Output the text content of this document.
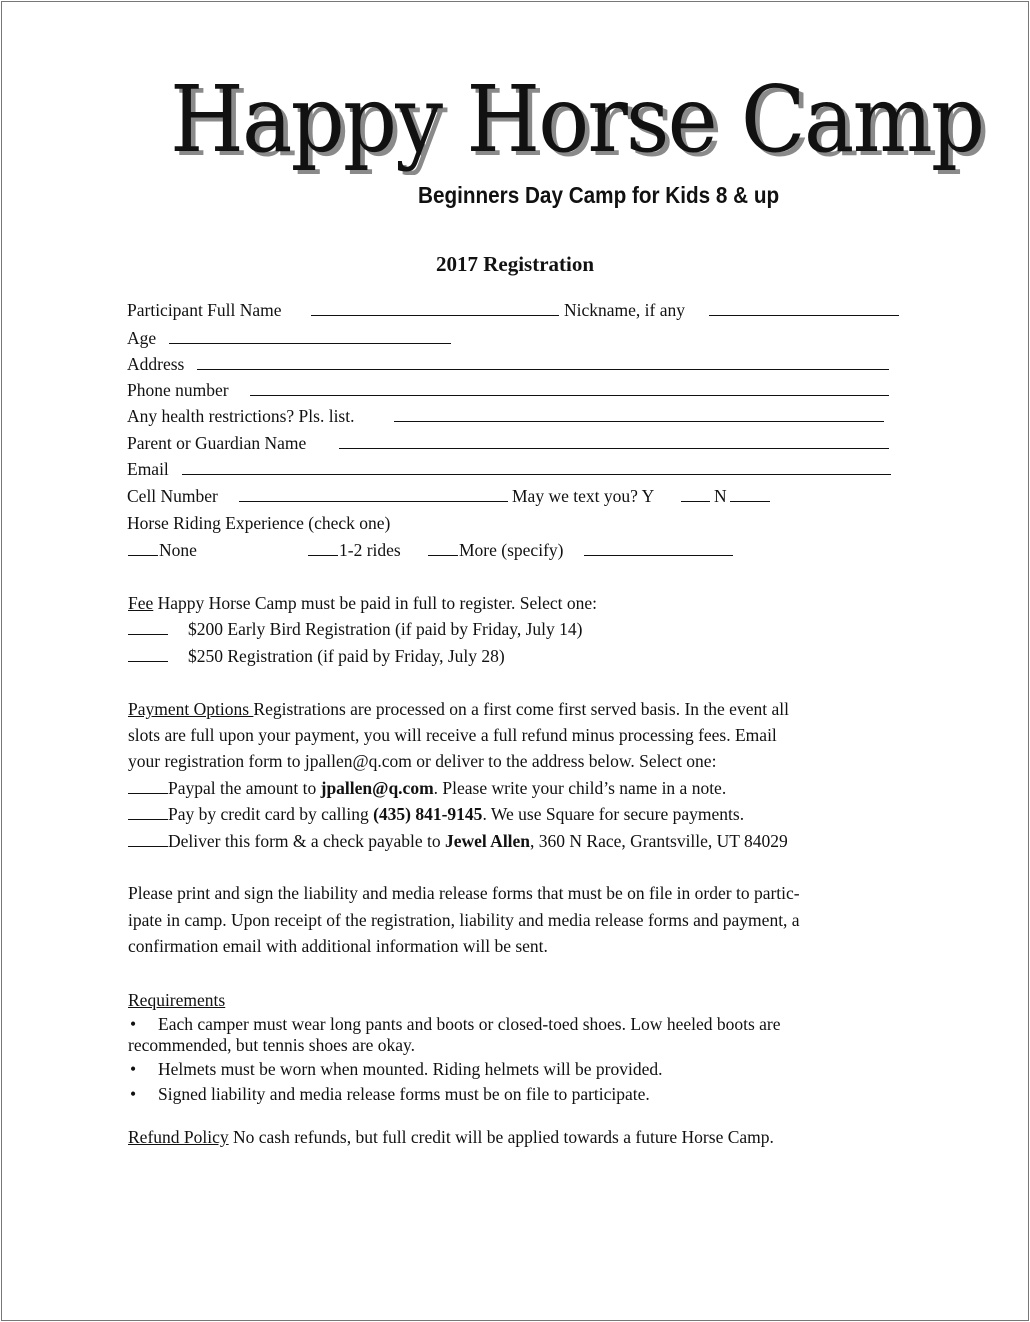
Happy Horse Camp
Beginners Day Camp for Kids 8 & up
2017 Registration
Participant Full Name	Nickname, if any
Age
Address
Phone number
Any health restrictions? Pls. list.
Parent or Guardian Name
Email
Cell Number	May we text you? Y	N
Horse Riding Experience (check one)
None	1-2 rides	More (specify)
Fee Happy Horse Camp must be paid in full to register. Select one:
$200 Early Bird Registration (if paid by Friday, July 14)
$250 Registration (if paid by Friday, July 28)
Payment Options Registrations are processed on a first come first served basis. In the event all
slots are full upon your payment, you will receive a full refund minus processing fees. Email
your registration form to jpallen@q.com or deliver to the address below. Select one:
Paypal the amount to jpallen@q.com. Please write your child’s name in a note.
Pay by credit card by calling (435) 841-9145. We use Square for secure payments.
Deliver this form & a check payable to Jewel Allen, 360 N Race, Grantsville, UT 84029
Please print and sign the liability and media release forms that must be on file in order to partic-
ipate in camp. Upon receipt of the registration, liability and media release forms and payment, a
confirmation email with additional information will be sent.
Requirements
• Each camper must wear long pants and boots or closed-toed shoes. Low heeled boots are
recommended, but tennis shoes are okay.
• Helmets must be worn when mounted. Riding helmets will be provided.
• Signed liability and media release forms must be on file to participate.
Refund Policy No cash refunds, but full credit will be applied towards a future Horse Camp.
